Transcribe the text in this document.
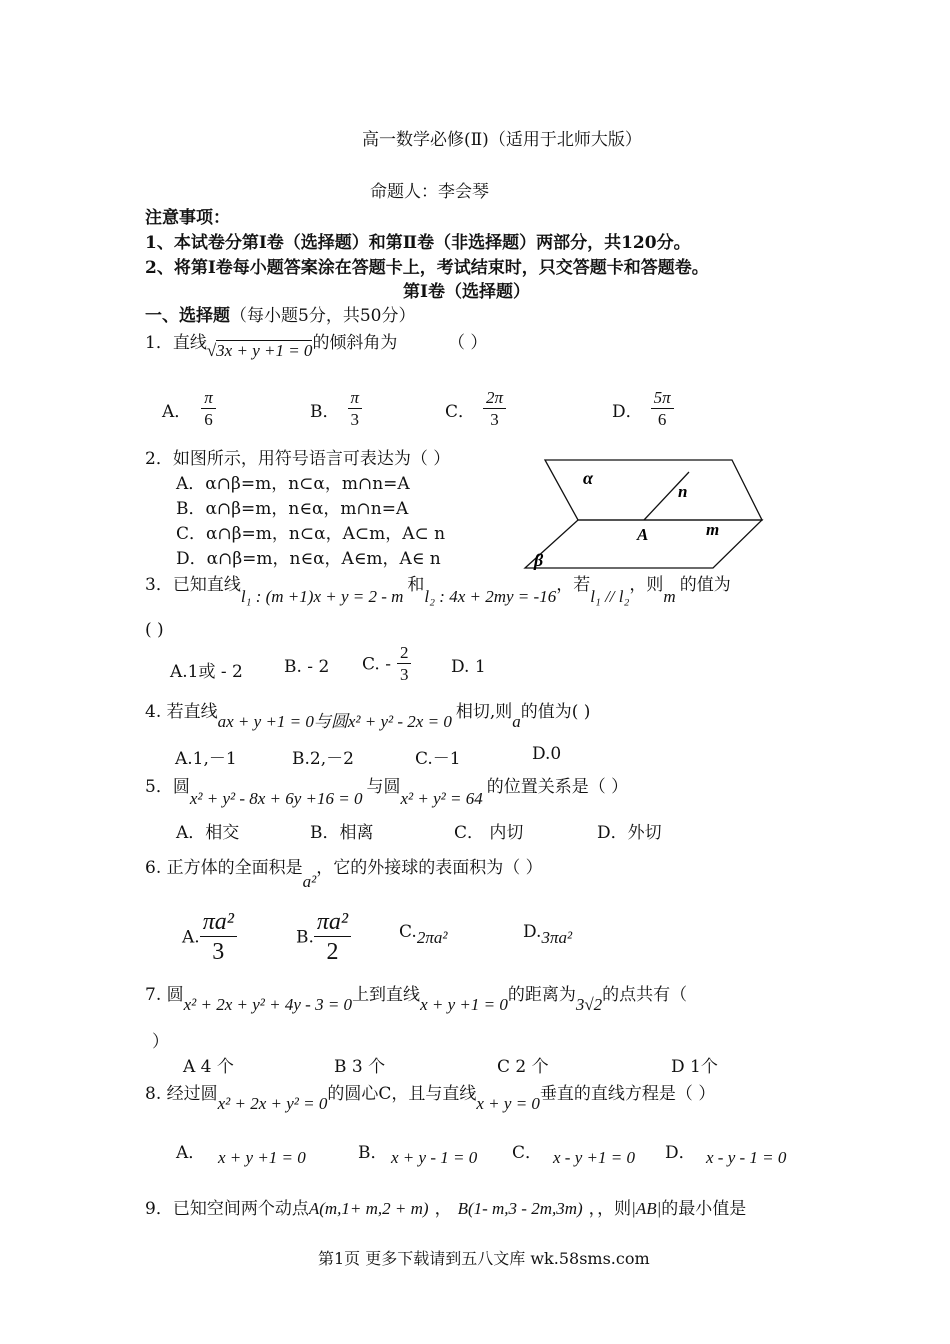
高一数学必修(Ⅱ)（适用于北师大版）
命题人：李会琴
注意事项：
1、本试卷分第Ⅰ卷（选择题）和第Ⅱ卷（非选择题）两部分，共120分。
2、将第Ⅰ卷每小题答案涂在答题卡上，考试结束时，只交答题卡和答题卷。
第Ⅰ卷（选择题）
一、选择题（每小题5分，共50分）
1．直线√3x + y +1 = 0的倾斜角为	（ ）
A． $\frac{\pi}{6}$	B． $\frac{\pi}{3}$	C． $\frac{2\pi}{3}$	D． $\frac{5\pi}{6}$
2．如图所示，用符号语言可表达为（ ）
A．α∩β=m，n⊂α，m∩n=A
B．α∩β=m，n∈α，m∩n=A
C．α∩β=m，n⊂α，A⊂m，A⊂ n
D．α∩β=m，n∈α，A∈m，A∈ n
α
n
A	m
β
3．已知直线l₁ : (m +1)x + y = 2 - m和l₂ : 4x + 2my = -16，若l₁ // l₂，则m的值为
( )
A.1或 - 2 B. - 2 C. - $\frac{2}{3} D$. 1
4. 若直线ax + y +1 = 0与圆x² + y² - 2x = 0 相切,则a的值为( )
A.1,－1	B.2,－2	C.－1	D.0
5．圆x² + y² - 8x + 6y +16 = 0与圆x² + y² = 64的位置关系是（ ）
A．相交	B．相离	C． 内切	D．外切
6. 正方体的全面积是a²，它的外接球的表面积为（ ）
A. $\frac{\text{πa²}}{3}$	B. $\frac{\text{πa²}}{2}$	C.2πa²	D.3πa²
7. 圆x² + 2x + y² + 4y - 3 = 0上到直线x + y +1 = 0的距离为3√2的点共有（
）
A 4 个	B 3 个	C 2 个	D 1个
8. 经过圆x² + 2x + y² = 0的圆心C，且与直线x + y = 0垂直的直线方程是（ ）
A． x + y +1 = 0	B． x + y - 1 = 0 C． x - y +1 = 0 D． x - y - 1 = 0
9．已知空间两个动点A(m,1+ m,2 + m) ， B(1- m,3 - 2m,3m) ，，则|AB|的最小值是
第1页 更多下载请到五八文库 wk.58sms.com
